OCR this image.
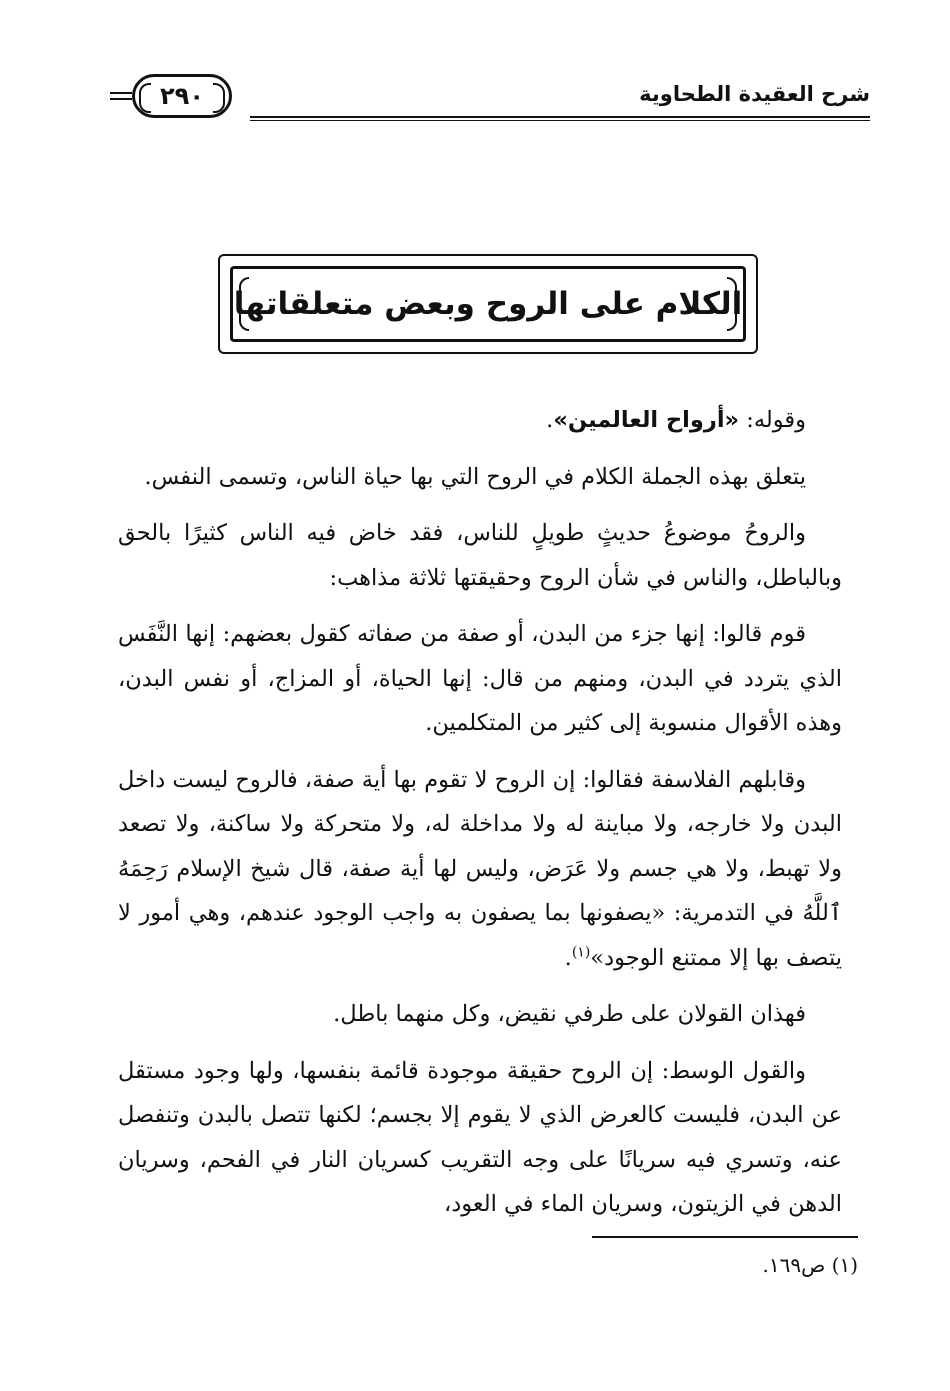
شرح العقيدة الطحاوية
٢٩٠
الكلام على الروح وبعض متعلقاتها

وقوله: «أرواح العالمين».

يتعلق بهذه الجملة الكلام في الروح التي بها حياة الناس، وتسمى النفس.

والروحُ موضوعُ حديثٍ طويلٍ للناس، فقد خاض فيه الناس كثيرًا بالحق وبالباطل، والناس في شأن الروح وحقيقتها ثلاثة مذاهب:

قوم قالوا: إنها جزء من البدن، أو صفة من صفاته كقول بعضهم: إنها النَّفَس الذي يتردد في البدن، ومنهم من قال: إنها الحياة، أو المزاج، أو نفس البدن، وهذه الأقوال منسوبة إلى كثير من المتكلمين.

وقابلهم الفلاسفة فقالوا: إن الروح لا تقوم بها أية صفة، فالروح ليست داخل البدن ولا خارجه، ولا مباينة له ولا مداخلة له، ولا متحركة ولا ساكنة، ولا تصعد ولا تهبط، ولا هي جسم ولا عَرَض، وليس لها أية صفة، قال شيخ الإسلام رَحِمَهُ ٱللَّهُ في التدمرية: «يصفونها بما يصفون به واجب الوجود عندهم، وهي أمور لا يتصف بها إلا ممتنع الوجود»$^{(١)}$.

فهذان القولان على طرفي نقيض، وكل منهما باطل.

والقول الوسط: إن الروح حقيقة موجودة قائمة بنفسها، ولها وجود مستقل عن البدن، فليست كالعرض الذي لا يقوم إلا بجسم؛ لكنها تتصل بالبدن وتنفصل عنه، وتسري فيه سريانًا على وجه التقريب كسريان النار في الفحم، وسريان الدهن في الزيتون، وسريان الماء في العود،

(١) ص١٦٩.
